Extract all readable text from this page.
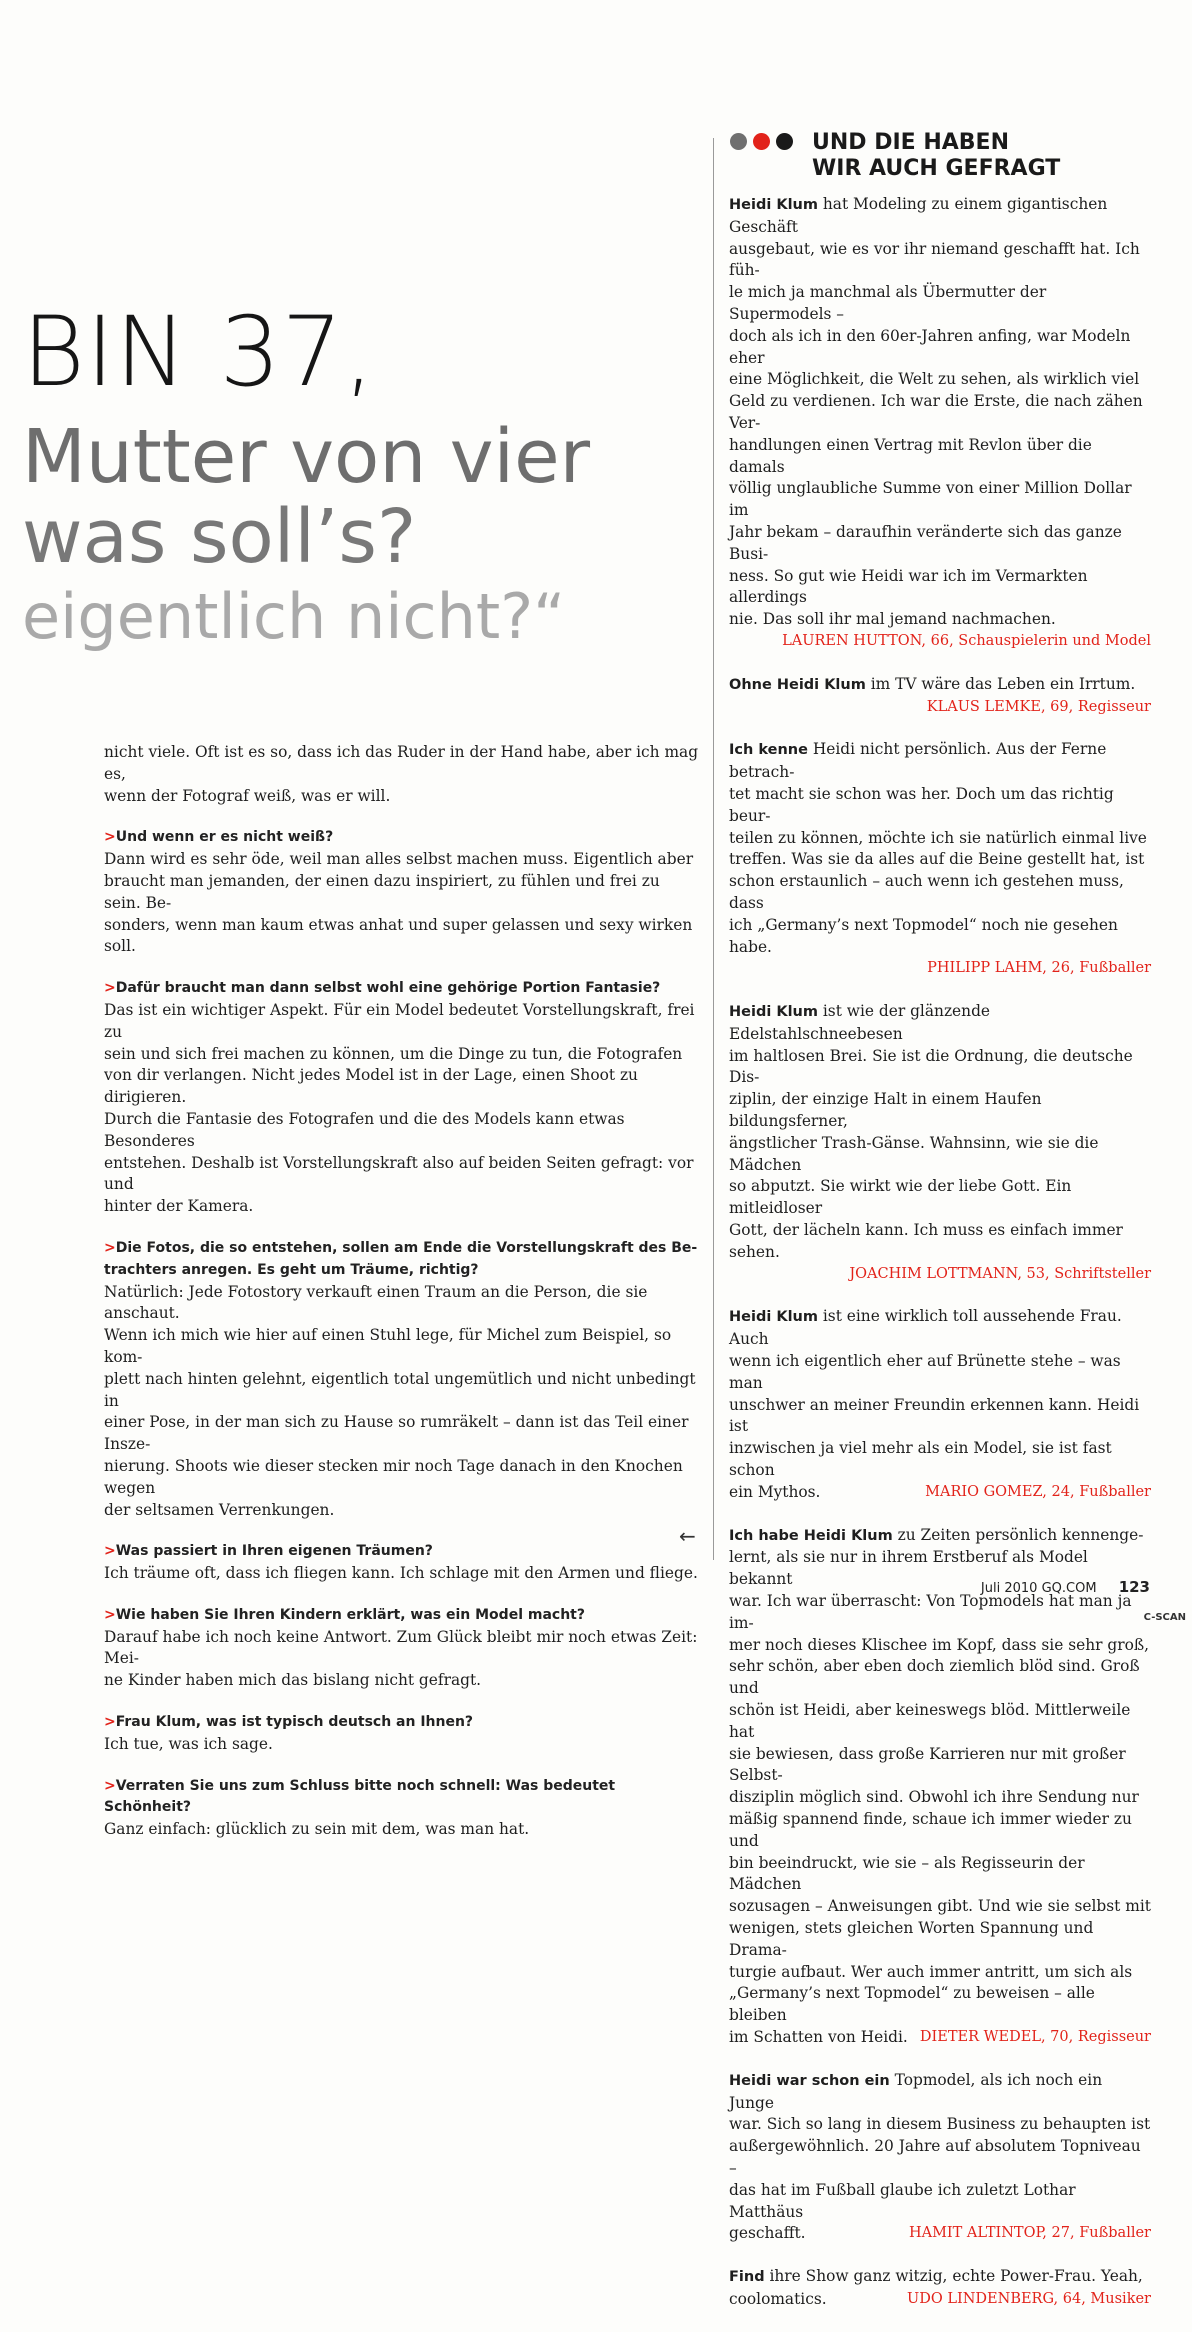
BIN 37,
Mutter von vier
was soll’s?
eigentlich nicht?“

nicht viele. Oft ist es so, dass ich das Ruder in der Hand habe, aber ich mag es,

wenn der Fotograf weiß, was er will.

>Und wenn er es nicht weiß?

Dann wird es sehr öde, weil man alles selbst machen muss. Eigentlich aber

braucht man jemanden, der einen dazu inspiriert, zu fühlen und frei zu sein. Be-

sonders, wenn man kaum etwas anhat und super gelassen und sexy wirken soll.

>Dafür braucht man dann selbst wohl eine gehörige Portion Fantasie?

Das ist ein wichtiger Aspekt. Für ein Model bedeutet Vorstellungskraft, frei zu

sein und sich frei machen zu können, um die Dinge zu tun, die Fotografen

von dir verlangen. Nicht jedes Model ist in der Lage, einen Shoot zu dirigieren.

Durch die Fantasie des Fotografen und die des Models kann etwas Besonderes

entstehen. Deshalb ist Vorstellungskraft also auf beiden Seiten gefragt: vor und

hinter der Kamera.

>Die Fotos, die so entstehen, sollen am Ende die Vorstellungskraft des Be-
trachters anregen. Es geht um Träume, richtig?

Natürlich: Jede Fotostory verkauft einen Traum an die Person, die sie anschaut.

Wenn ich mich wie hier auf einen Stuhl lege, für Michel zum Beispiel, so kom-

plett nach hinten gelehnt, eigentlich total ungemütlich und nicht unbedingt in

einer Pose, in der man sich zu Hause so rumräkelt – dann ist das Teil einer Insze-

nierung. Shoots wie dieser stecken mir noch Tage danach in den Knochen wegen

der seltsamen Verrenkungen.

>Was passiert in Ihren eigenen Träumen?

Ich träume oft, dass ich fliegen kann. Ich schlage mit den Armen und fliege.

>Wie haben Sie Ihren Kindern erklärt, was ein Model macht?

Darauf habe ich noch keine Antwort. Zum Glück bleibt mir noch etwas Zeit: Mei-

ne Kinder haben mich das bislang nicht gefragt.

>Frau Klum, was ist typisch deutsch an Ihnen?

Ich tue, was ich sage.

>Verraten Sie uns zum Schluss bitte noch schnell: Was bedeutet Schönheit?

Ganz einfach: glücklich zu sein mit dem, was man hat.

←
UND DIE HABEN
WIR AUCH GEFRAGT

Heidi Klum hat Modeling zu einem gigantischen Geschäft

ausgebaut, wie es vor ihr niemand geschafft hat. Ich füh-

le mich ja manchmal als Übermutter der Supermodels –

doch als ich in den 60er-Jahren anfing, war Modeln eher

eine Möglichkeit, die Welt zu sehen, als wirklich viel

Geld zu verdienen. Ich war die Erste, die nach zähen Ver-

handlungen einen Vertrag mit Revlon über die damals

völlig unglaubliche Summe von einer Million Dollar im

Jahr bekam – daraufhin veränderte sich das ganze Busi-

ness. So gut wie Heidi war ich im Vermarkten allerdings

nie. Das soll ihr mal jemand nachmachen.

LAUREN HUTTON, 66, Schauspielerin und Model

Ohne Heidi Klum im TV wäre das Leben ein Irrtum.

KLAUS LEMKE, 69, Regisseur

Ich kenne Heidi nicht persönlich. Aus der Ferne betrach-

tet macht sie schon was her. Doch um das richtig beur-

teilen zu können, möchte ich sie natürlich einmal live

treffen. Was sie da alles auf die Beine gestellt hat, ist

schon erstaunlich – auch wenn ich gestehen muss, dass

ich „Germany’s next Topmodel“ noch nie gesehen habe.

PHILIPP LAHM, 26, Fußballer

Heidi Klum ist wie der glänzende Edelstahlschneebesen

im haltlosen Brei. Sie ist die Ordnung, die deutsche Dis-

ziplin, der einzige Halt in einem Haufen bildungsferner,

ängstlicher Trash-Gänse. Wahnsinn, wie sie die Mädchen

so abputzt. Sie wirkt wie der liebe Gott. Ein mitleidloser

Gott, der lächeln kann. Ich muss es einfach immer sehen.

JOACHIM LOTTMANN, 53, Schriftsteller

Heidi Klum ist eine wirklich toll aussehende Frau. Auch

wenn ich eigentlich eher auf Brünette stehe – was man

unschwer an meiner Freundin erkennen kann. Heidi ist

inzwischen ja viel mehr als ein Model, sie ist fast schon

ein Mythos.	MARIO GOMEZ, 24, Fußballer

Ich habe Heidi Klum zu Zeiten persönlich kennenge-

lernt, als sie nur in ihrem Erstberuf als Model bekannt

war. Ich war überrascht: Von Topmodels hat man ja im-

mer noch dieses Klischee im Kopf, dass sie sehr groß,

sehr schön, aber eben doch ziemlich blöd sind. Groß und

schön ist Heidi, aber keineswegs blöd. Mittlerweile hat

sie bewiesen, dass große Karrieren nur mit großer Selbst-

disziplin möglich sind. Obwohl ich ihre Sendung nur

mäßig spannend finde, schaue ich immer wieder zu und

bin beeindruckt, wie sie – als Regisseurin der Mädchen

sozusagen – Anweisungen gibt. Und wie sie selbst mit

wenigen, stets gleichen Worten Spannung und Drama-

turgie aufbaut. Wer auch immer antritt, um sich als

„Germany’s next Topmodel“ zu beweisen – alle bleiben

im Schatten von Heidi. DIETER WEDEL, 70, Regisseur

Heidi war schon ein Topmodel, als ich noch ein Junge

war. Sich so lang in diesem Business zu behaupten ist

außergewöhnlich. 20 Jahre auf absolutem Topniveau –

das hat im Fußball glaube ich zuletzt Lothar Matthäus

geschafft.	HAMIT ALTINTOP, 27, Fußballer

Find ihre Show ganz witzig, echte Power-Frau. Yeah,

coolomatics.	UDO LINDENBERG, 64, Musiker

Juli 2010 GQ.COM 123
C-SCAN
